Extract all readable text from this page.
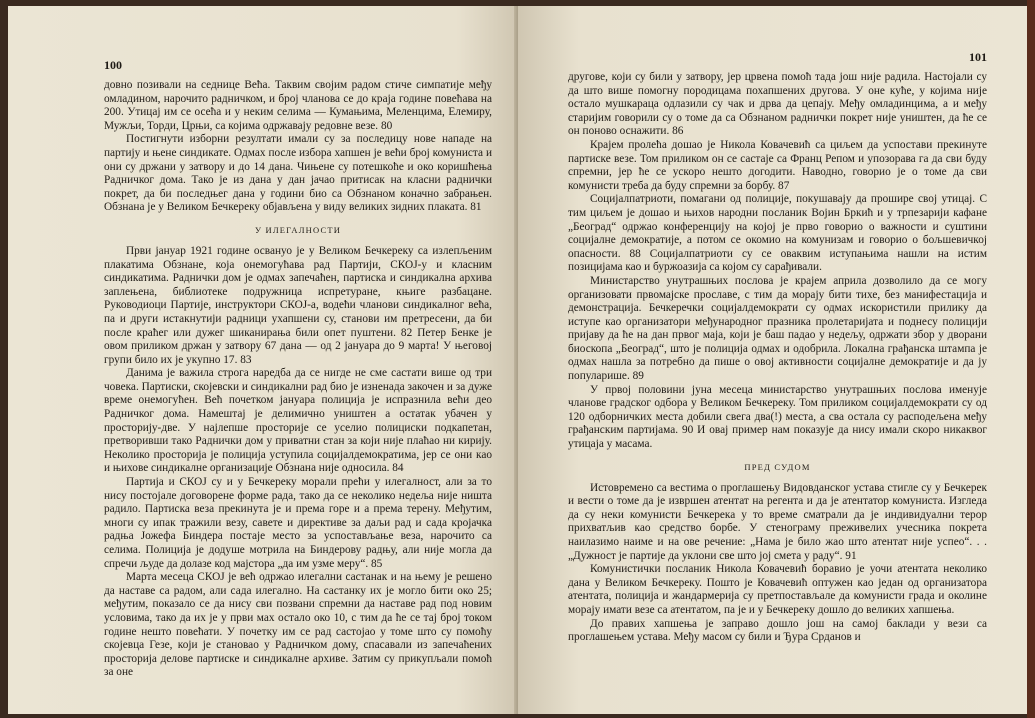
100

довно позивали на седнице Већа. Таквим својим радом стиче симпатије међу омладином, нарочито радничком, и број чланова се до краја године повећава на 200. Утицај им се осећа и у неким селима — Кумањима, Меленцима, Елемиру, Мужљи, Торди, Црњи, са којима одржавају редовне везе. 80

Постигнути изборни резултати имали су за последицу нове нападе на партију и њене синдикате. Одмах после избора хапшен је већи број комуниста и они су држани у затвору и до 14 дана. Чињене су потешкоће и око коришћења Радничког дома. Тако је из дана у дан јачао притисак на класни раднички покрет, да би последњег дана у години био са Обзнаном коначно забрањен. Обзнана је у Великом Бечкереку објављена у виду великих зидних плаката. 81

У ИЛЕГАЛНОСТИ

Први јануар 1921 године освануо је у Великом Бечкереку са излепљеним плакатима Обзнане, која онемогућава рад Партији, СКОЈ-у и класним синдикатима. Раднички дом је одмах запечаћен, партиска и синдикална архива заплењена, библиотеке подружница испретуране, књиге разбацане. Руководиоци Партије, инструктори СКОЈ-а, водећи чланови синдикалног већа, па и други истакнутији радници ухапшени су, станови им претресени, да би после краћег или дужег шиканирања били опет пуштени. 82 Петер Бенке је овом приликом држан у затвору 67 дана — од 2 јануара до 9 марта! У његовој групи било их је укупно 17. 83

Данима је важила строга наредба да се нигде не сме састати више од три човека. Партиски, скојевски и синдикални рад био је изненада закочен и за дуже време онемогућен. Већ почетком јануара полиција је испразнила већи део Радничког дома. Намештај је делимично уништен а остатак убачен у просторију-две. У најлепше просторије се уселио полициски подкапетан, претворивши тако Раднички дом у приватни стан за који није плаћао ни кирију. Неколико просторија је полиција уступила социјалдемократима, јер се они као и њихове синдикалне организације Обзнана није односила. 84

Партија и СКОЈ су и у Бечкереку морали прећи у илегалност, али за то нису постојале договорене форме рада, тако да се неколико недеља није ништа радило. Партиска веза прекинута је и према горе и а према терену. Међутим, многи су ипак тражили везу, савете и директиве за даљи рад и сада кројачка радња Јожефа Биндера постаје место за успостављање веза, нарочито са селима. Полиција је додуше мотрила на Биндерову радњу, али није могла да спречи људе да долазе код мајстора „да им узме меру“. 85

Марта месеца СКОЈ је већ одржао илегални састанак и на њему је решено да наставе са радом, али сада илегално. На састанку их је могло бити око 25; међутим, показало се да нису сви позвани спремни да наставе рад под новим условима, тако да их је у први мах остало око 10, с тим да ће се тај број током године нешто повећати. У почетку им се рад састојао у томе што су помоћу скојевца Гезе, који је становао у Радничком дому, спасавали из запечаћених просторија делове партиске и синдикалне архиве. Затим су прикупљали помоћ за оне

101

другове, који су били у затвору, јер црвена помоћ тада још није радила. Настојали су да што више помогну породицама похапшених другова. У оне куће, у којима није остало мушкараца одлазили су чак и дрва да цепају. Међу омладинцима, а и међу старијим говорили су о томе да са Обзнаном раднички покрет није уништен, да ће се он поново оснажити. 86

Крајем пролећа дошао је Никола Ковачевић са циљем да успостави прекинуте партиске везе. Том приликом он се састаје са Франц Репом и упозорава га да сви буду спремни, јер ће се ускоро нешто догодити. Наводно, говорио је о томе да сви комунисти треба да буду спремни за борбу. 87

Социјалпатриоти, помагани од полиције, покушавају да прошире свој утицај. С тим циљем је дошао и њихов народни посланик Војин Бркић и у трпезарији кафане „Београд“ одржао конференцију на којој је прво говорио о важности и суштини социјалне демократије, а потом се окомио на комунизам и говорио о бољшевичкој опасности. 88 Социјалпатриоти су се оваквим иступањима нашли на истим позицијама као и буржоазија са којом су сарађивали.

Министарство унутрашњих послова је крајем априла дозволило да се могу организовати првомајске прославе, с тим да морају бити тихе, без манифестација и демонстрација. Бечкеречки социјалдемократи су одмах искористили прилику да иступе као организатори међународног празника пролетаријата и поднесу полицији пријаву да ће на дан првог маја, који је баш падао у недељу, одржати збор у дворани биоскопа „Београд“, што је полиција одмах и одобрила. Локална грађанска штампа је одмах нашла за потребно да пише о овој активности социјалне демократије и да ју популарише. 89

У првој половини јуна месеца министарство унутрашњих послова именује чланове градског одбора у Великом Бечкереку. Том приликом социјалдемократи су од 120 одборничких места добили свега два(!) места, а сва остала су расподељена међу грађанским партијама. 90 И овај пример нам показује да нису имали скоро никаквог утицаја у масама.

ПРЕД СУДОМ

Истовремено са вестима о проглашењу Видовданског устава стигле су у Бечкерек и вести о томе да је извршен атентат на регента и да је атентатор комуниста. Изгледа да су неки комунисти Бечкерека у то време сматрали да је индивидуални терор прихватљив као средство борбе. У стенограму преживелих учесника покрета наилазимо наиме и на ове речение: „Нама је било жао што атентат није успео“. . . „Дужност је партије да уклони све што јој смета у раду“. 91

Комунистички посланик Никола Ковачевић боравио је уочи атентата неколико дана у Великом Бечкереку. Пошто је Ковачевић оптужен као један од организатора атентата, полиција и жандармерија су претпостављале да комунисти града и околине морају имати везе са атентатом, па је и у Бечкереку дошло до великих хапшења.

До правих хапшења је заправо дошло још на самој баклади у вези са проглашењем устава. Међу масом су били и Ђура Срданов и
